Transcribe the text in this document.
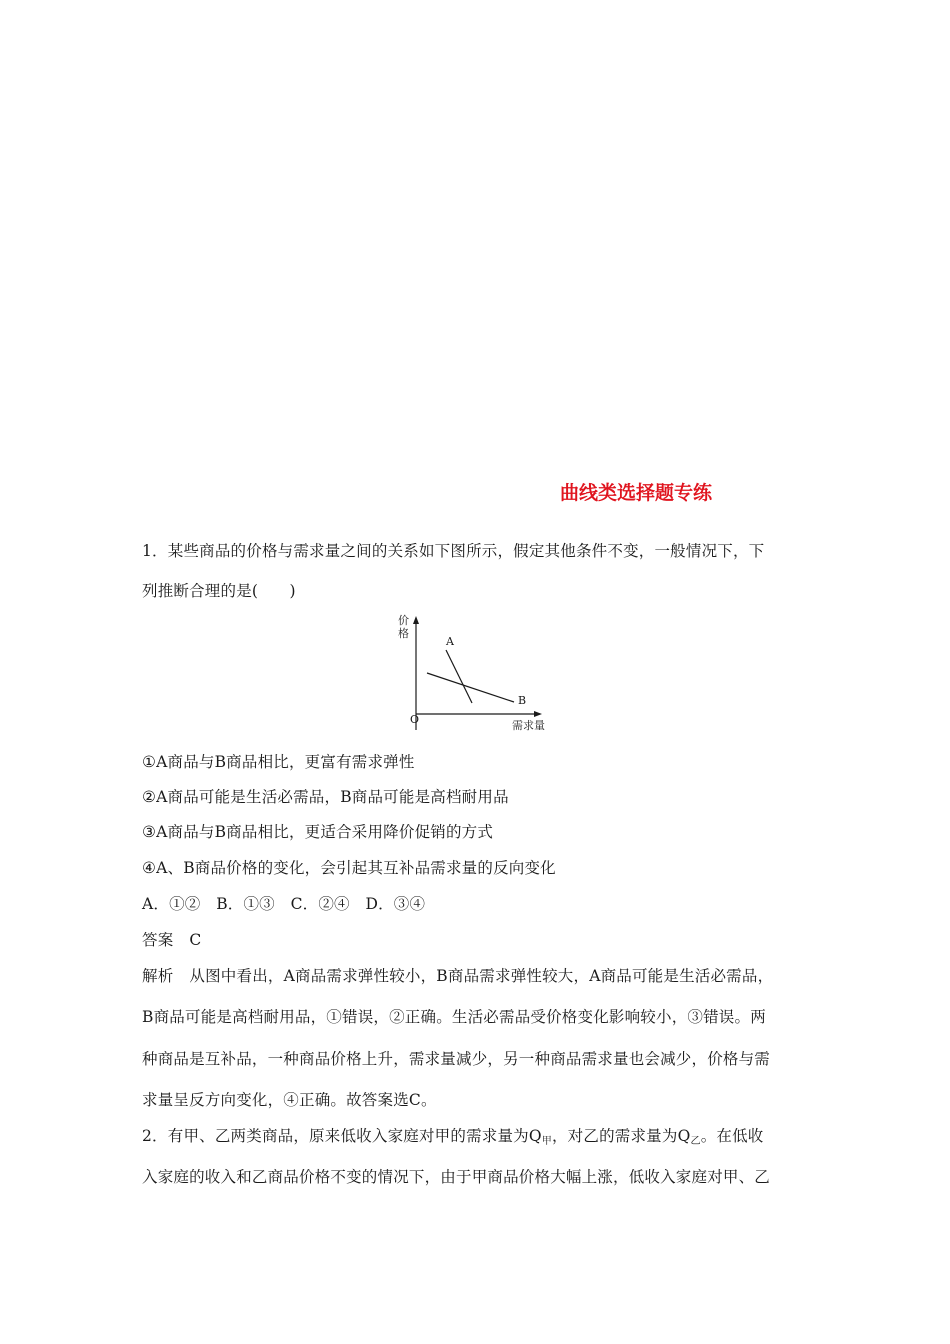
曲线类选择题专练
1．某些商品的价格与需求量之间的关系如下图所示，假定其他条件不变，一般情况下，下
列推断合理的是(　　)
价
格
A
B
O	需求量
①A商品与B商品相比，更富有需求弹性
②A商品可能是生活必需品，B商品可能是高档耐用品
③A商品与B商品相比，更适合采用降价促销的方式
④A、B商品价格的变化，会引起其互补品需求量的反向变化
A．①②　B．①③　C．②④　D．③④
答案 C
解析 从图中看出，A商品需求弹性较小，B商品需求弹性较大，A商品可能是生活必需品，
B商品可能是高档耐用品，①错误，②正确。生活必需品受价格变化影响较小，③错误。两
种商品是互补品，一种商品价格上升，需求量减少，另一种商品需求量也会减少，价格与需
求量呈反方向变化，④正确。故答案选C。
2．有甲、乙两类商品，原来低收入家庭对甲的需求量为$Q_甲$，对乙的需求量为$Q_乙$。在低收
入家庭的收入和乙商品价格不变的情况下，由于甲商品价格大幅上涨，低收入家庭对甲、乙
